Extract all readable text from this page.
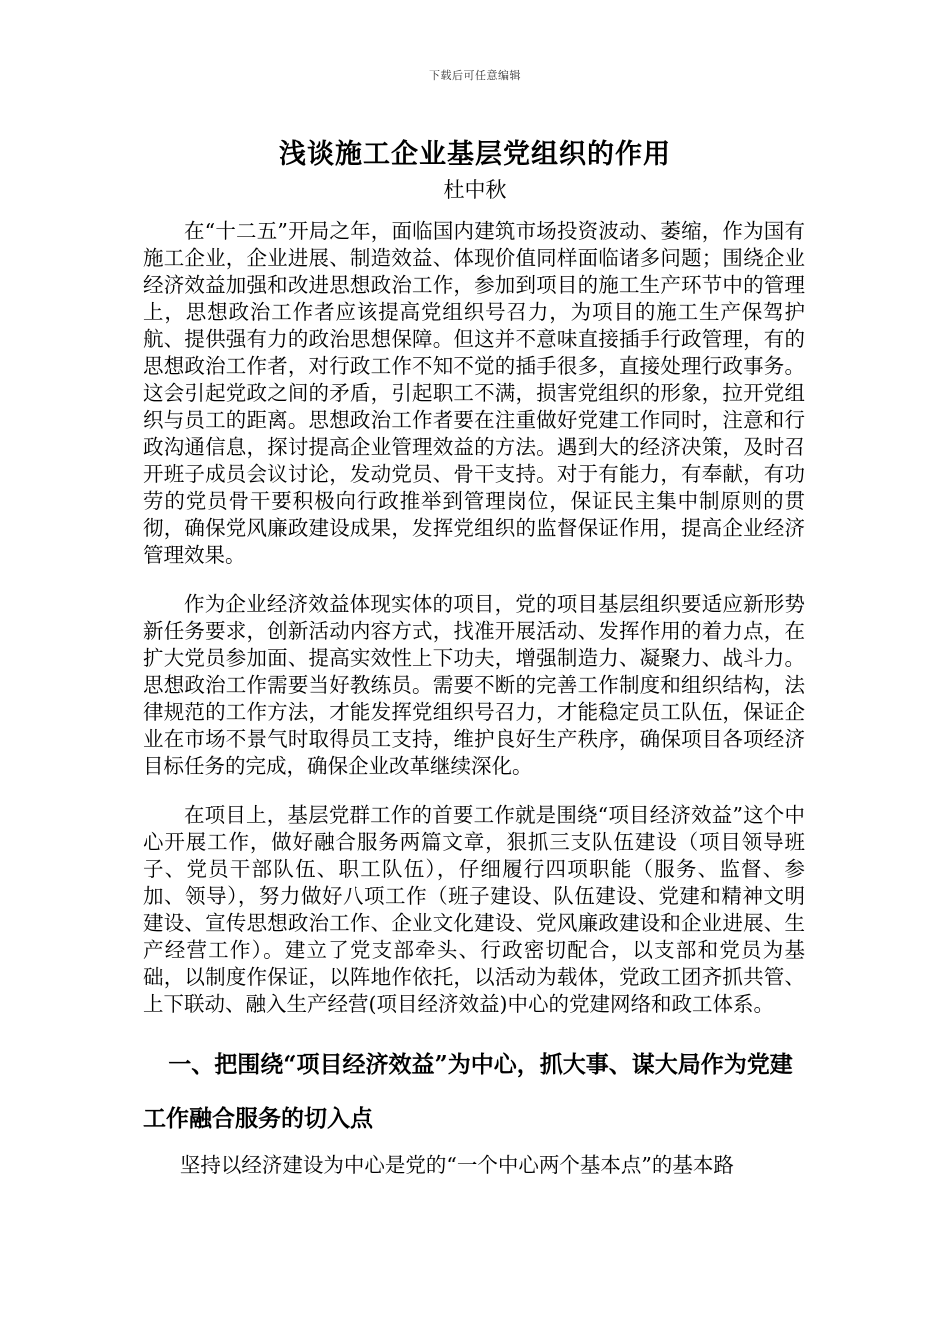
下载后可任意编辑
浅谈施工企业基层党组织的作用
杜中秋

在“十二五”开局之年，面临国内建筑市场投资波动、萎缩，作为国有施工企业，企业进展、制造效益、体现价值同样面临诸多问题；围绕企业经济效益加强和改进思想政治工作，参加到项目的施工生产环节中的管理上，思想政治工作者应该提高党组织号召力，为项目的施工生产保驾护航、提供强有力的政治思想保障。但这并不意味直接插手行政管理，有的思想政治工作者，对行政工作不知不觉的插手很多，直接处理行政事务。这会引起党政之间的矛盾，引起职工不满，损害党组织的形象，拉开党组织与员工的距离。思想政治工作者要在注重做好党建工作同时，注意和行政沟通信息，探讨提高企业管理效益的方法。遇到大的经济决策，及时召开班子成员会议讨论，发动党员、骨干支持。对于有能力，有奉献，有功劳的党员骨干要积极向行政推举到管理岗位，保证民主集中制原则的贯彻，确保党风廉政建设成果，发挥党组织的监督保证作用，提高企业经济管理效果。

作为企业经济效益体现实体的项目，党的项目基层组织要适应新形势新任务要求，创新活动内容方式，找准开展活动、发挥作用的着力点，在扩大党员参加面、提高实效性上下功夫，增强制造力、凝聚力、战斗力。思想政治工作需要当好教练员。需要不断的完善工作制度和组织结构，法律规范的工作方法，才能发挥党组织号召力，才能稳定员工队伍，保证企业在市场不景气时取得员工支持，维护良好生产秩序，确保项目各项经济目标任务的完成，确保企业改革继续深化。

在项目上，基层党群工作的首要工作就是围绕“项目经济效益”这个中心开展工作，做好融合服务两篇文章，狠抓三支队伍建设（项目领导班子、党员干部队伍、职工队伍），仔细履行四项职能（服务、监督、参加、领导），努力做好八项工作（班子建设、队伍建设、党建和精神文明建设、宣传思想政治工作、企业文化建设、党风廉政建设和企业进展、生产经营工作）。建立了党支部牵头、行政密切配合，以支部和党员为基础，以制度作保证，以阵地作依托，以活动为载体，党政工团齐抓共管、上下联动、融入生产经营(项目经济效益)中心的党建网络和政工体系。

一、把围绕“项目经济效益”为中心，抓大事、谋大局作为党建工作融合服务的切入点

坚持以经济建设为中心是党的“一个中心两个基本点”的基本路
